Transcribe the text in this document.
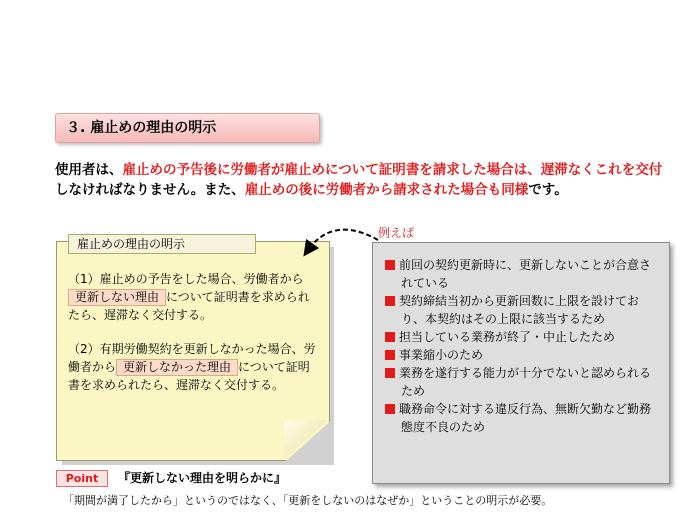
３. 雇止めの理由の明示
使用者は、雇止めの予告後に労働者が雇止めについて証明書を請求した場合は、遅滞なくこれを交付しなければなりません。また、雇止めの後に労働者から請求された場合も同様です。
雇止めの理由の明示

（1）雇止めの予告をした場合、労働者から更新しない理由 について証明書を求められたら、遅滞なく交付する。

（2）有期労働契約を更新しなかった場合、労働者から 更新しなかった理由 について証明書を求められたら、遅滞なく交付する。

例えば
前回の契約更新時に、更新しないことが合意されている
契約締結当初から更新回数に上限を設けており、本契約はその上限に該当するため
担当している業務が終了・中止したため
事業縮小のため
業務を遂行する能力が十分でないと認められるため
職務命令に対する違反行為、無断欠勤など勤務態度不良のため
Point	『更新しない理由を明らかに』
「期間が満了したから」というのではなく、「更新をしないのはなぜか」ということの明示が必要。
